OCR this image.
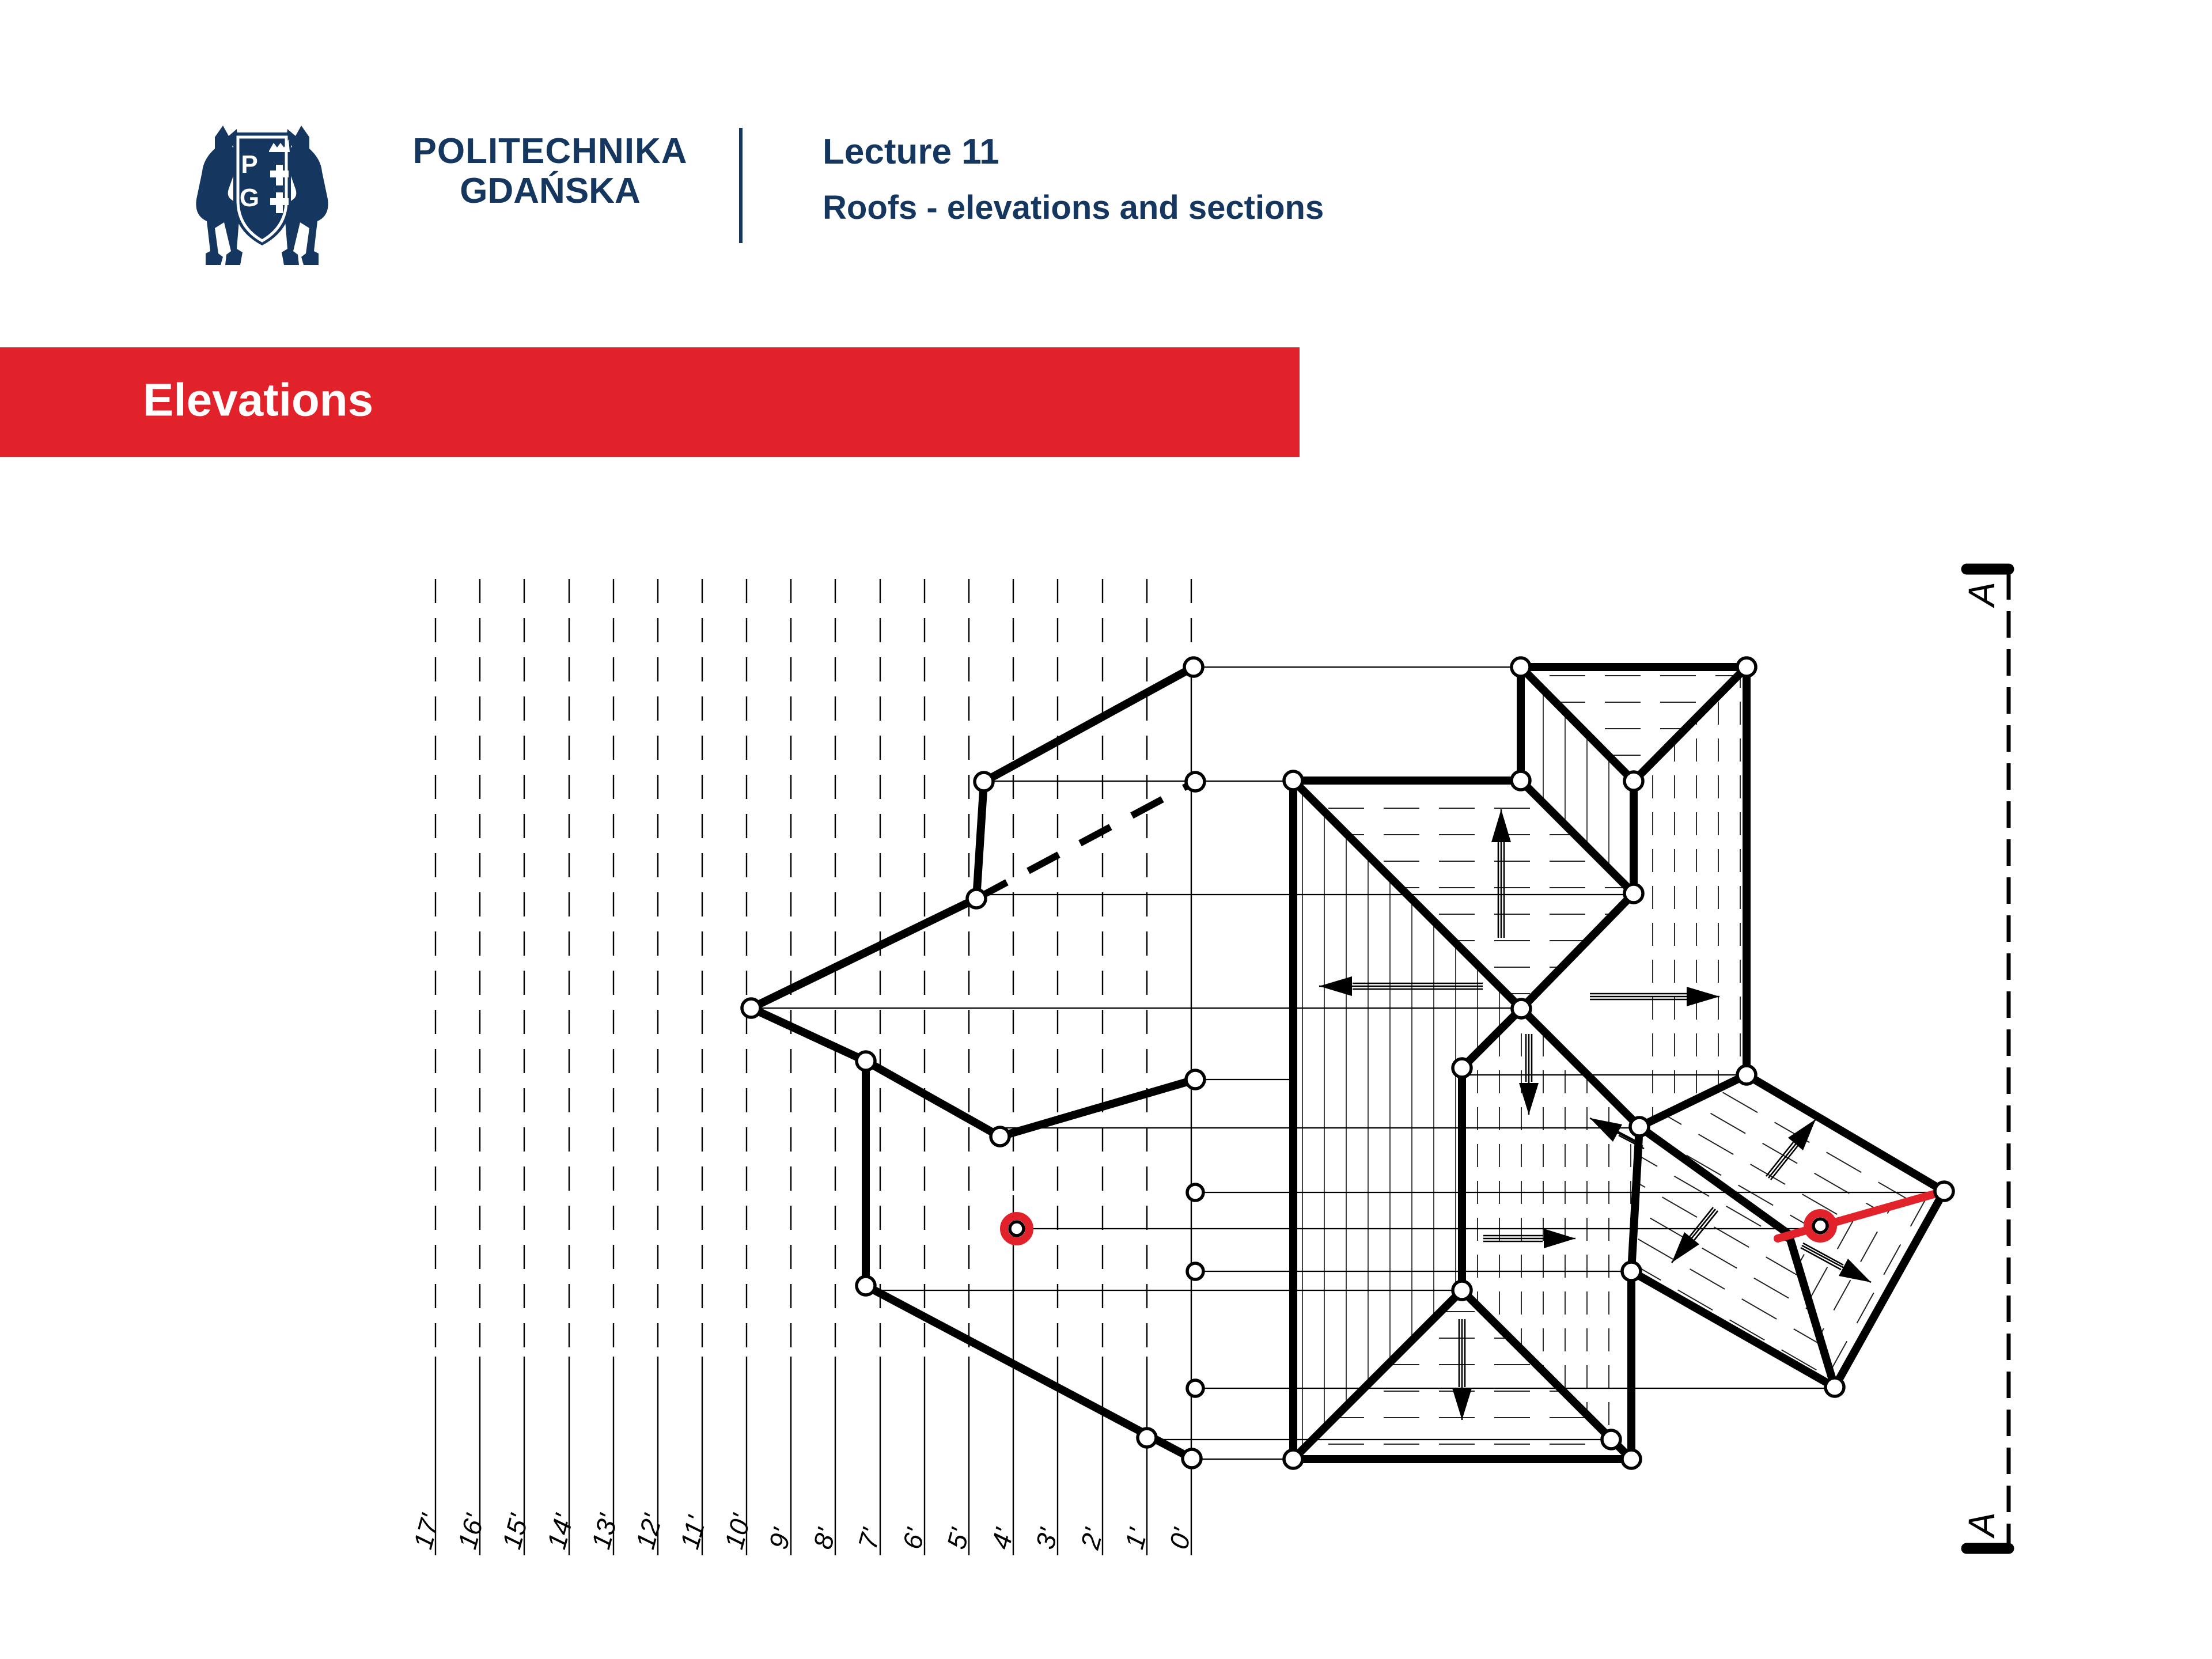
P
G
POLITECHNIKA
GDAŃSKA

Lecture 11

Roofs - elevations and sections

Elevations
17' 16' 15' 14' 13' 12' 11' 10' 9' 8' 7' 6' 5' 4' 3' 2' 1' 0'
A
A
